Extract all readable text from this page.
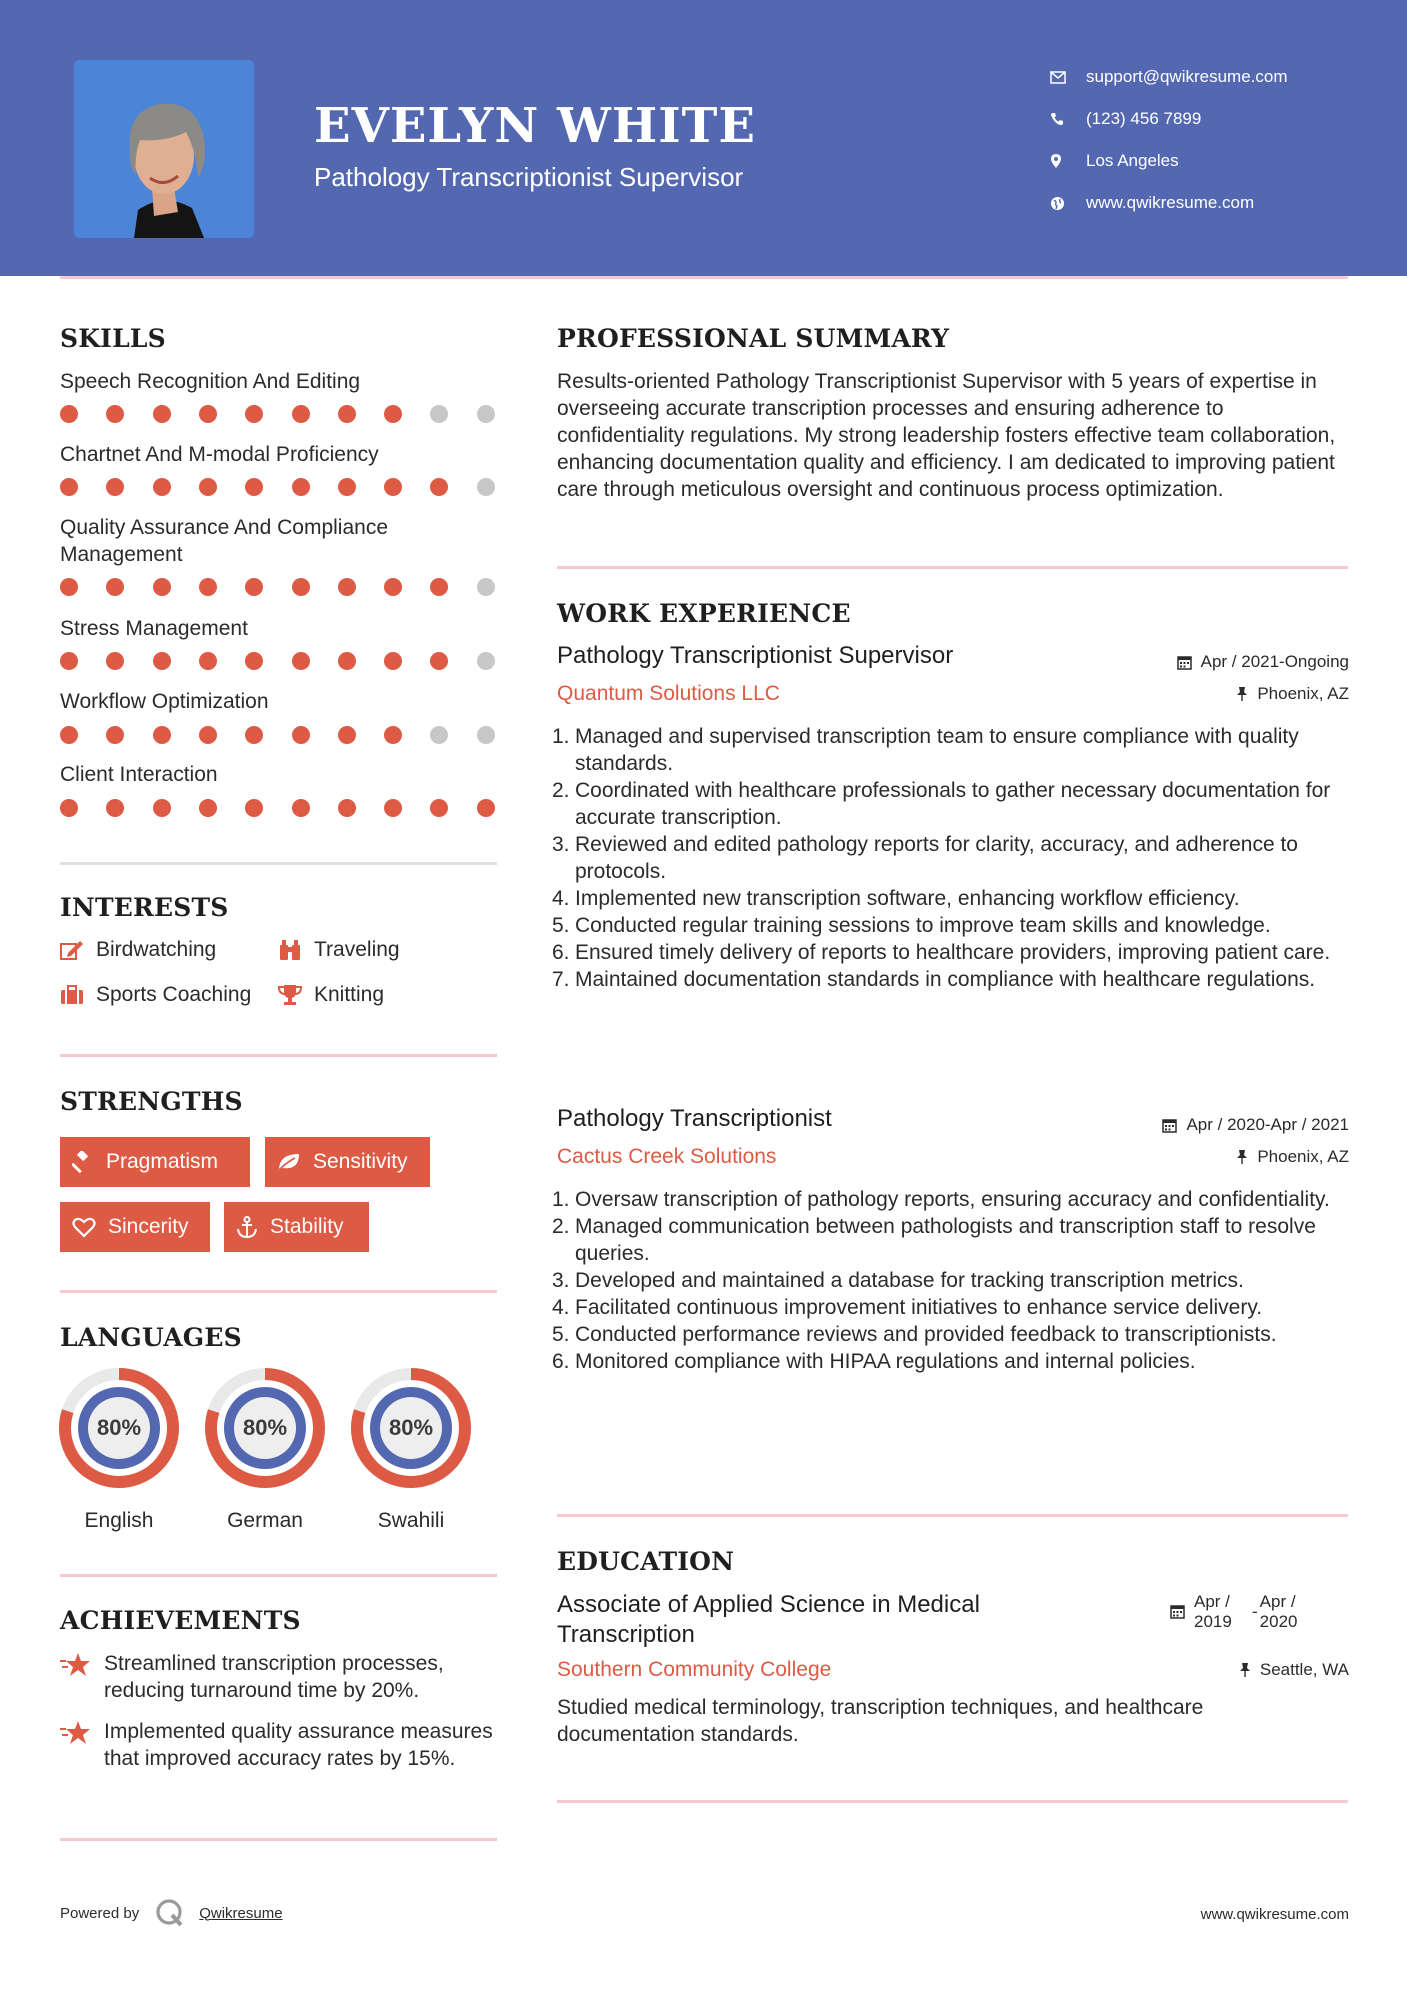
EVELYN WHITE
Pathology Transcriptionist Supervisor
support@qwikresume.com
(123) 456 7899
Los Angeles
www.qwikresume.com
SKILLS
Speech Recognition And Editing
Chartnet And M-modal Proficiency
Quality Assurance And Compliance Management
Stress Management
Workflow Optimization
Client Interaction
INTERESTS
Birdwatching	Traveling
Sports Coaching	Knitting
STRENGTHS
Pragmatism	Sensitivity
Sincerity	Stability
LANGUAGES
80%
English
80%
German
80%
Swahili
ACHIEVEMENTS
Streamlined transcription processes, reducing turnaround time by 20%.
Implemented quality assurance measures that improved accuracy rates by 15%.
PROFESSIONAL SUMMARY
Results-oriented Pathology Transcriptionist Supervisor with 5 years of expertise in overseeing accurate transcription processes and ensuring adherence to confidentiality regulations. My strong leadership fosters effective team collaboration, enhancing documentation quality and efficiency. I am dedicated to improving patient care through meticulous oversight and continuous process optimization.
WORK EXPERIENCE
Pathology Transcriptionist Supervisor	Apr / 2021-Ongoing
Quantum Solutions LLC	Phoenix, AZ
1. Managed and supervised transcription team to ensure compliance with quality standards.
2. Coordinated with healthcare professionals to gather necessary documentation for accurate transcription.
3. Reviewed and edited pathology reports for clarity, accuracy, and adherence to protocols.
4. Implemented new transcription software, enhancing workflow efficiency.
5. Conducted regular training sessions to improve team skills and knowledge.
6. Ensured timely delivery of reports to healthcare providers, improving patient care.
7. Maintained documentation standards in compliance with healthcare regulations.
Pathology Transcriptionist	Apr / 2020-Apr / 2021
Cactus Creek Solutions	Phoenix, AZ
1. Oversaw transcription of pathology reports, ensuring accuracy and confidentiality.
2. Managed communication between pathologists and transcription staff to resolve queries.
3. Developed and maintained a database for tracking transcription metrics.
4. Facilitated continuous improvement initiatives to enhance service delivery.
5. Conducted performance reviews and provided feedback to transcriptionists.
6. Monitored compliance with HIPAA regulations and internal policies.
EDUCATION
Associate of Applied Science in Medical Transcription
Apr / 2019
-
Apr / 2020
Southern Community College	Seattle, WA
Studied medical terminology, transcription techniques, and healthcare documentation standards.
Powered by	Qwikresume	www.qwikresume.com
